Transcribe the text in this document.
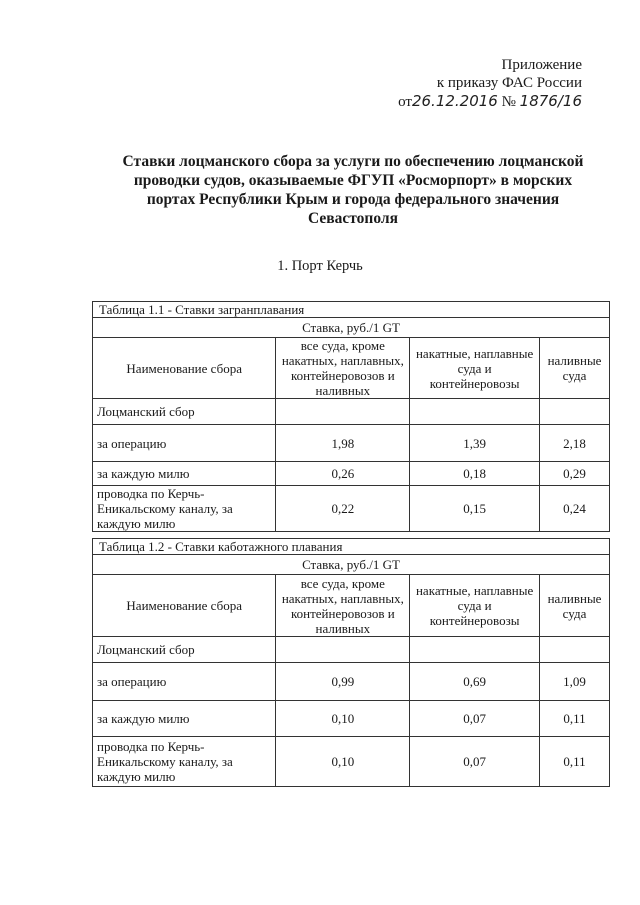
Приложение
к приказу ФАС России
от26.12.2016 № 1876/16
Ставки лоцманского сбора за услуги по обеспечению лоцманской
проводки судов, оказываемые ФГУП «Росморпорт» в морских
портах Республики Крым и города федерального значения
Севастополя
1. Порт Керчь
Таблица 1.1 - Ставки загранплавания			
Ставка, руб./1 GT			
Наименование сбора	все суда, кроме накатных, наплавных, контейнеровозов и наливных	накатные, наплавные суда и контейнеровозы	наливные суда
Лоцманский сбор			
за операцию	1,98	1,39	2,18
за каждую милю	0,26	0,18	0,29
проводка по Керчь-Еникальскому каналу, за каждую милю	0,22	0,15	0,24
Таблица 1.2 - Ставки каботажного плавания			
Ставка, руб./1 GT			
Наименование сбора	все суда, кроме накатных, наплавных, контейнеровозов и наливных	накатные, наплавные суда и контейнеровозы	наливные суда
Лоцманский сбор			
за операцию	0,99	0,69	1,09
за каждую милю	0,10	0,07	0,11
проводка по Керчь-Еникальскому каналу, за каждую милю	0,10	0,07	0,11
